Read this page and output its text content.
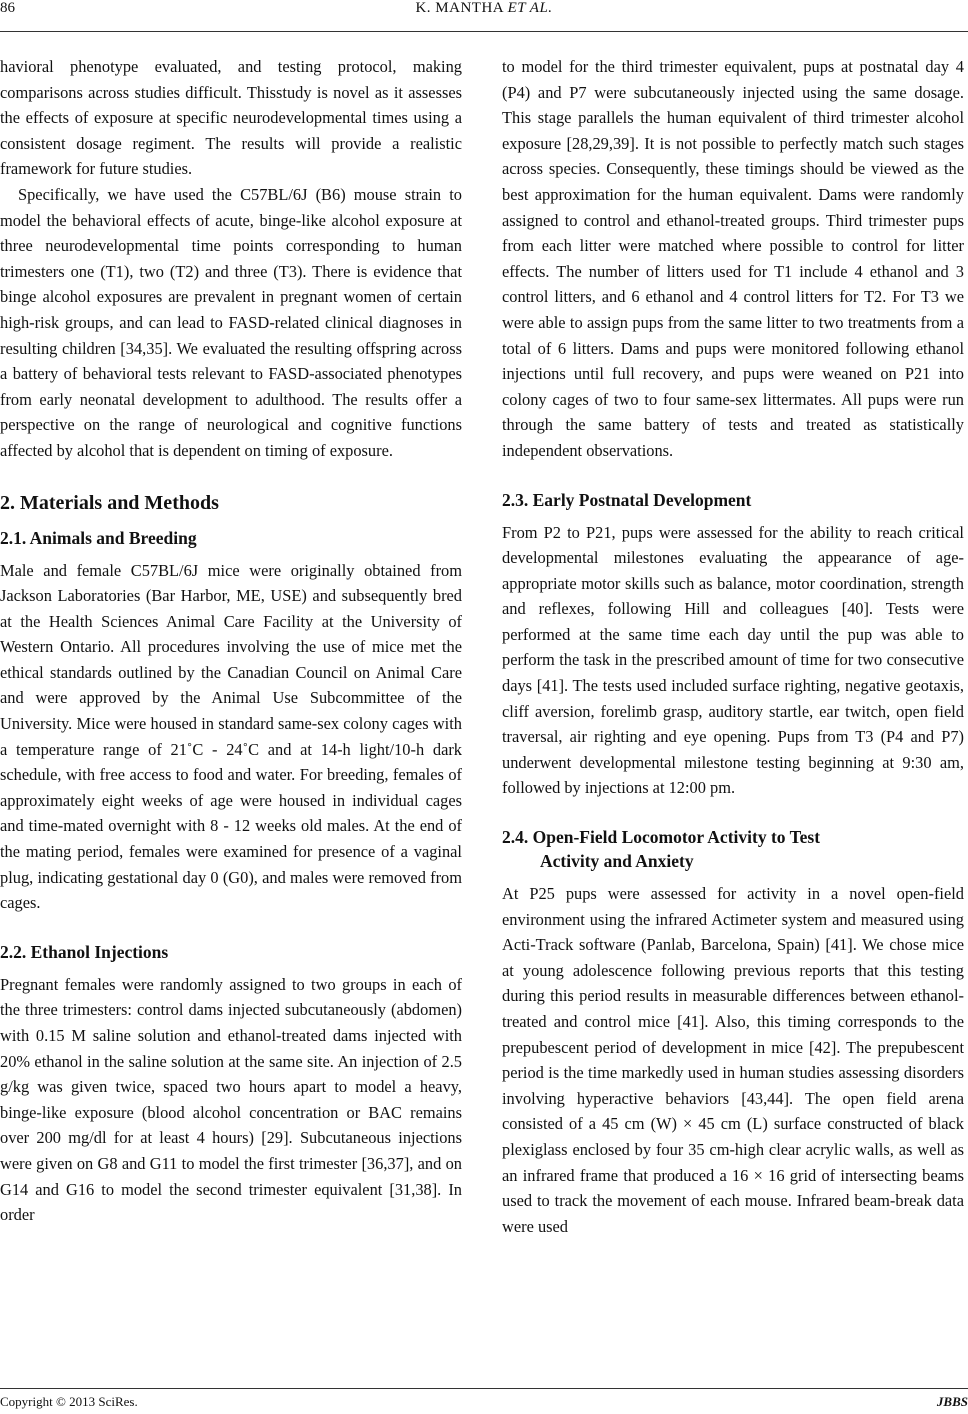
86	K. MANTHA ET AL.

havioral phenotype evaluated, and testing protocol, making comparisons across studies difficult. Thisstudy is novel as it assesses the effects of exposure at specific neurodevelopmental times using a consistent dosage regiment. The results will provide a realistic framework for future studies.

Specifically, we have used the C57BL/6J (B6) mouse strain to model the behavioral effects of acute, binge-like alcohol exposure at three neurodevelopmental time points corresponding to human trimesters one (T1), two (T2) and three (T3). There is evidence that binge alcohol exposures are prevalent in pregnant women of certain high-risk groups, and can lead to FASD-related clinical diagnoses in resulting children [34,35]. We evaluated the resulting offspring across a battery of behavioral tests relevant to FASD-associated phenotypes from early neonatal development to adulthood. The results offer a perspective on the range of neurological and cognitive functions affected by alcohol that is dependent on timing of exposure.

2. Materials and Methods
2.1. Animals and Breeding

Male and female C57BL/6J mice were originally obtained from Jackson Laboratories (Bar Harbor, ME, USE) and subsequently bred at the Health Sciences Animal Care Facility at the University of Western Ontario. All procedures involving the use of mice met the ethical standards outlined by the Canadian Council on Animal Care and were approved by the Animal Use Subcommittee of the University. Mice were housed in standard same-sex colony cages with a temperature range of 21˚C - 24˚C and at 14-h light/10-h dark schedule, with free access to food and water. For breeding, females of approximately eight weeks of age were housed in individual cages and time-mated overnight with 8 - 12 weeks old males. At the end of the mating period, females were examined for presence of a vaginal plug, indicating gestational day 0 (G0), and males were removed from cages.

2.2. Ethanol Injections

Pregnant females were randomly assigned to two groups in each of the three trimesters: control dams injected subcutaneously (abdomen) with 0.15 M saline solution and ethanol-treated dams injected with 20% ethanol in the saline solution at the same site. An injection of 2.5 g/kg was given twice, spaced two hours apart to model a heavy, binge-like exposure (blood alcohol concentration or BAC remains over 200 mg/dl for at least 4 hours) [29]. Subcutaneous injections were given on G8 and G11 to model the first trimester [36,37], and on G14 and G16 to model the second trimester equivalent [31,38]. In order

to model for the third trimester equivalent, pups at postnatal day 4 (P4) and P7 were subcutaneously injected using the same dosage. This stage parallels the human equivalent of third trimester alcohol exposure [28,29,39]. It is not possible to perfectly match such stages across species. Consequently, these timings should be viewed as the best approximation for the human equivalent. Dams were randomly assigned to control and ethanol-treated groups. Third trimester pups from each litter were matched where possible to control for litter effects. The number of litters used for T1 include 4 ethanol and 3 control litters, and 6 ethanol and 4 control litters for T2. For T3 we were able to assign pups from the same litter to two treatments from a total of 6 litters. Dams and pups were monitored following ethanol injections until full recovery, and pups were weaned on P21 into colony cages of two to four same-sex littermates. All pups were run through the same battery of tests and treated as statistically independent observations.

2.3. Early Postnatal Development

From P2 to P21, pups were assessed for the ability to reach critical developmental milestones evaluating the appearance of age-appropriate motor skills such as balance, motor coordination, strength and reflexes, following Hill and colleagues [40]. Tests were performed at the same time each day until the pup was able to perform the task in the prescribed amount of time for two consecutive days [41]. The tests used included surface righting, negative geotaxis, cliff aversion, forelimb grasp, auditory startle, ear twitch, open field traversal, air righting and eye opening. Pups from T3 (P4 and P7) underwent developmental milestone testing beginning at 9:30 am, followed by injections at 12:00 pm.

2.4. Open-Field Locomotor Activity to Test
Activity and Anxiety

At P25 pups were assessed for activity in a novel open-field environment using the infrared Actimeter system and measured using Acti-Track software (Panlab, Barcelona, Spain) [41]. We chose mice at young adolescence following previous reports that this testing during this period results in measurable differences between ethanol-treated and control mice [41]. Also, this timing corresponds to the prepubescent period of development in mice [42]. The prepubescent period is the time markedly used in human studies assessing disorders involving hyperactive behaviors [43,44]. The open field arena consisted of a 45 cm (W) × 45 cm (L) surface constructed of black plexiglass enclosed by four 35 cm-high clear acrylic walls, as well as an infrared frame that produced a 16 × 16 grid of intersecting beams used to track the movement of each mouse. Infrared beam-break data were used

Copyright © 2013 SciRes.	JBBS
